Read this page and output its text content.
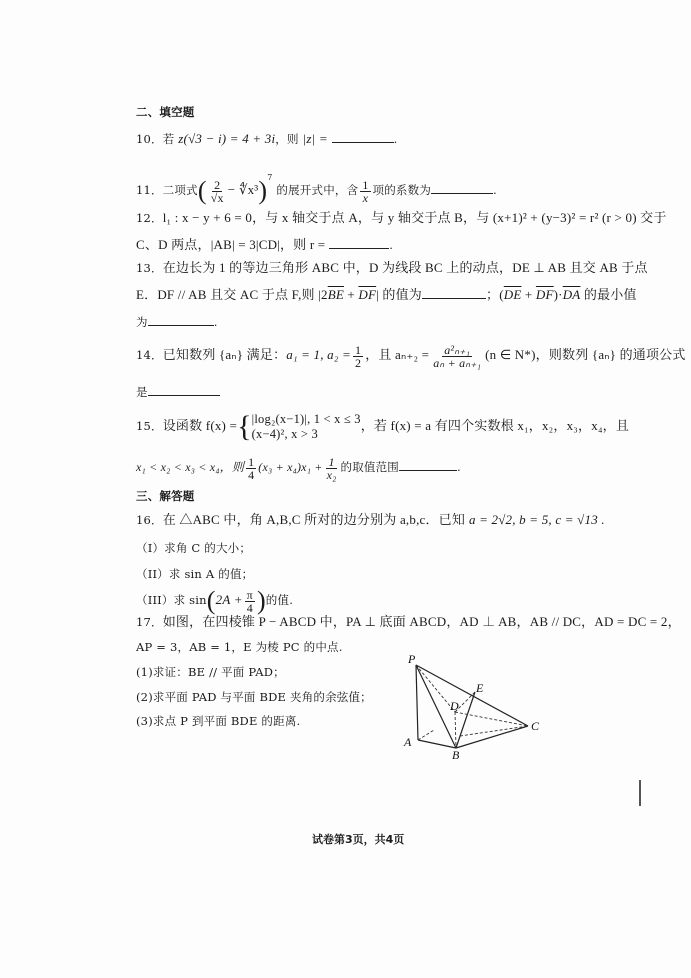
二、填空题
10．若 z(√3 − i) = 4 + 3i，则 |z| =	.
11．二项式( $\frac{2}{√x}$ − ∜x³)$^7$ 的展开式中，含 $\frac{1}{x}$ 项的系数为	.
12．l₁ : x − y + 6 = 0，与 x 轴交于点 A，与 y 轴交于点 B，与 (x+1)² + (y−3)² = r² (r > 0) 交于
C、D 两点，|AB| = 3|CD|，则 r =	.
13．在边长为 1 的等边三角形 ABC 中，D 为线段 BC 上的动点，DE ⊥ AB 且交 AB 于点
E．DF // AB 且交 AC 于点 F,则 $|2\overline{BE} + \overline{DF}|$ 的值为	；$(\overline{DE} + \overline{DF})\cdot\overline{DA}$ 的最小值
为	.
14．已知数列 {aₙ} 满足：a₁ = 1, $a_2 = \frac{1}{2}$ ，且 $a_{n+2} = \frac{\text{a²ₙ₊₁}}{\text{aₙ + aₙ₊₁}} (n$ ∈ N*)，则数列 {aₙ} 的通项公式
是
15．设函数 f(x) ={ |log₂(x−1)|, 1 < x ≤ 3
(x−4)², x > 3
，若 f(x) = a 有四个实数根 x₁，x₂，x₃，x₄，且
x₁ < x₂ < x₃ < x₄，则 $\frac{1}{4} (x_3 + x_4)x_1 + \frac{1}{\text{x₂}}$ 的取值范围	.
三、解答题
16．在 △ABC 中，角 A,B,C 所对的边分别为 a,b,c．已知 a = 2√2, b = 5, c = √13 .
（I）求角 C 的大小；
（II）求 sin A 的值；
（III）求 $\sin(2A + \frac{\pi}{4}$ )的值.
17．如图，在四棱锥 P − ABCD 中，PA ⊥ 底面 ABCD，AD ⊥ AB，AB // DC，AD = DC = 2，
AP = 3，AB = 1，E 为棱 PC 的中点.
(1)求证：BE // 平面 PAD；
(2)求平面 PAD 与平面 BDE 夹角的余弦值；
(3)求点 P 到平面 BDE 的距离.
P
A
B
C
D
E
试卷第3页，共4页
